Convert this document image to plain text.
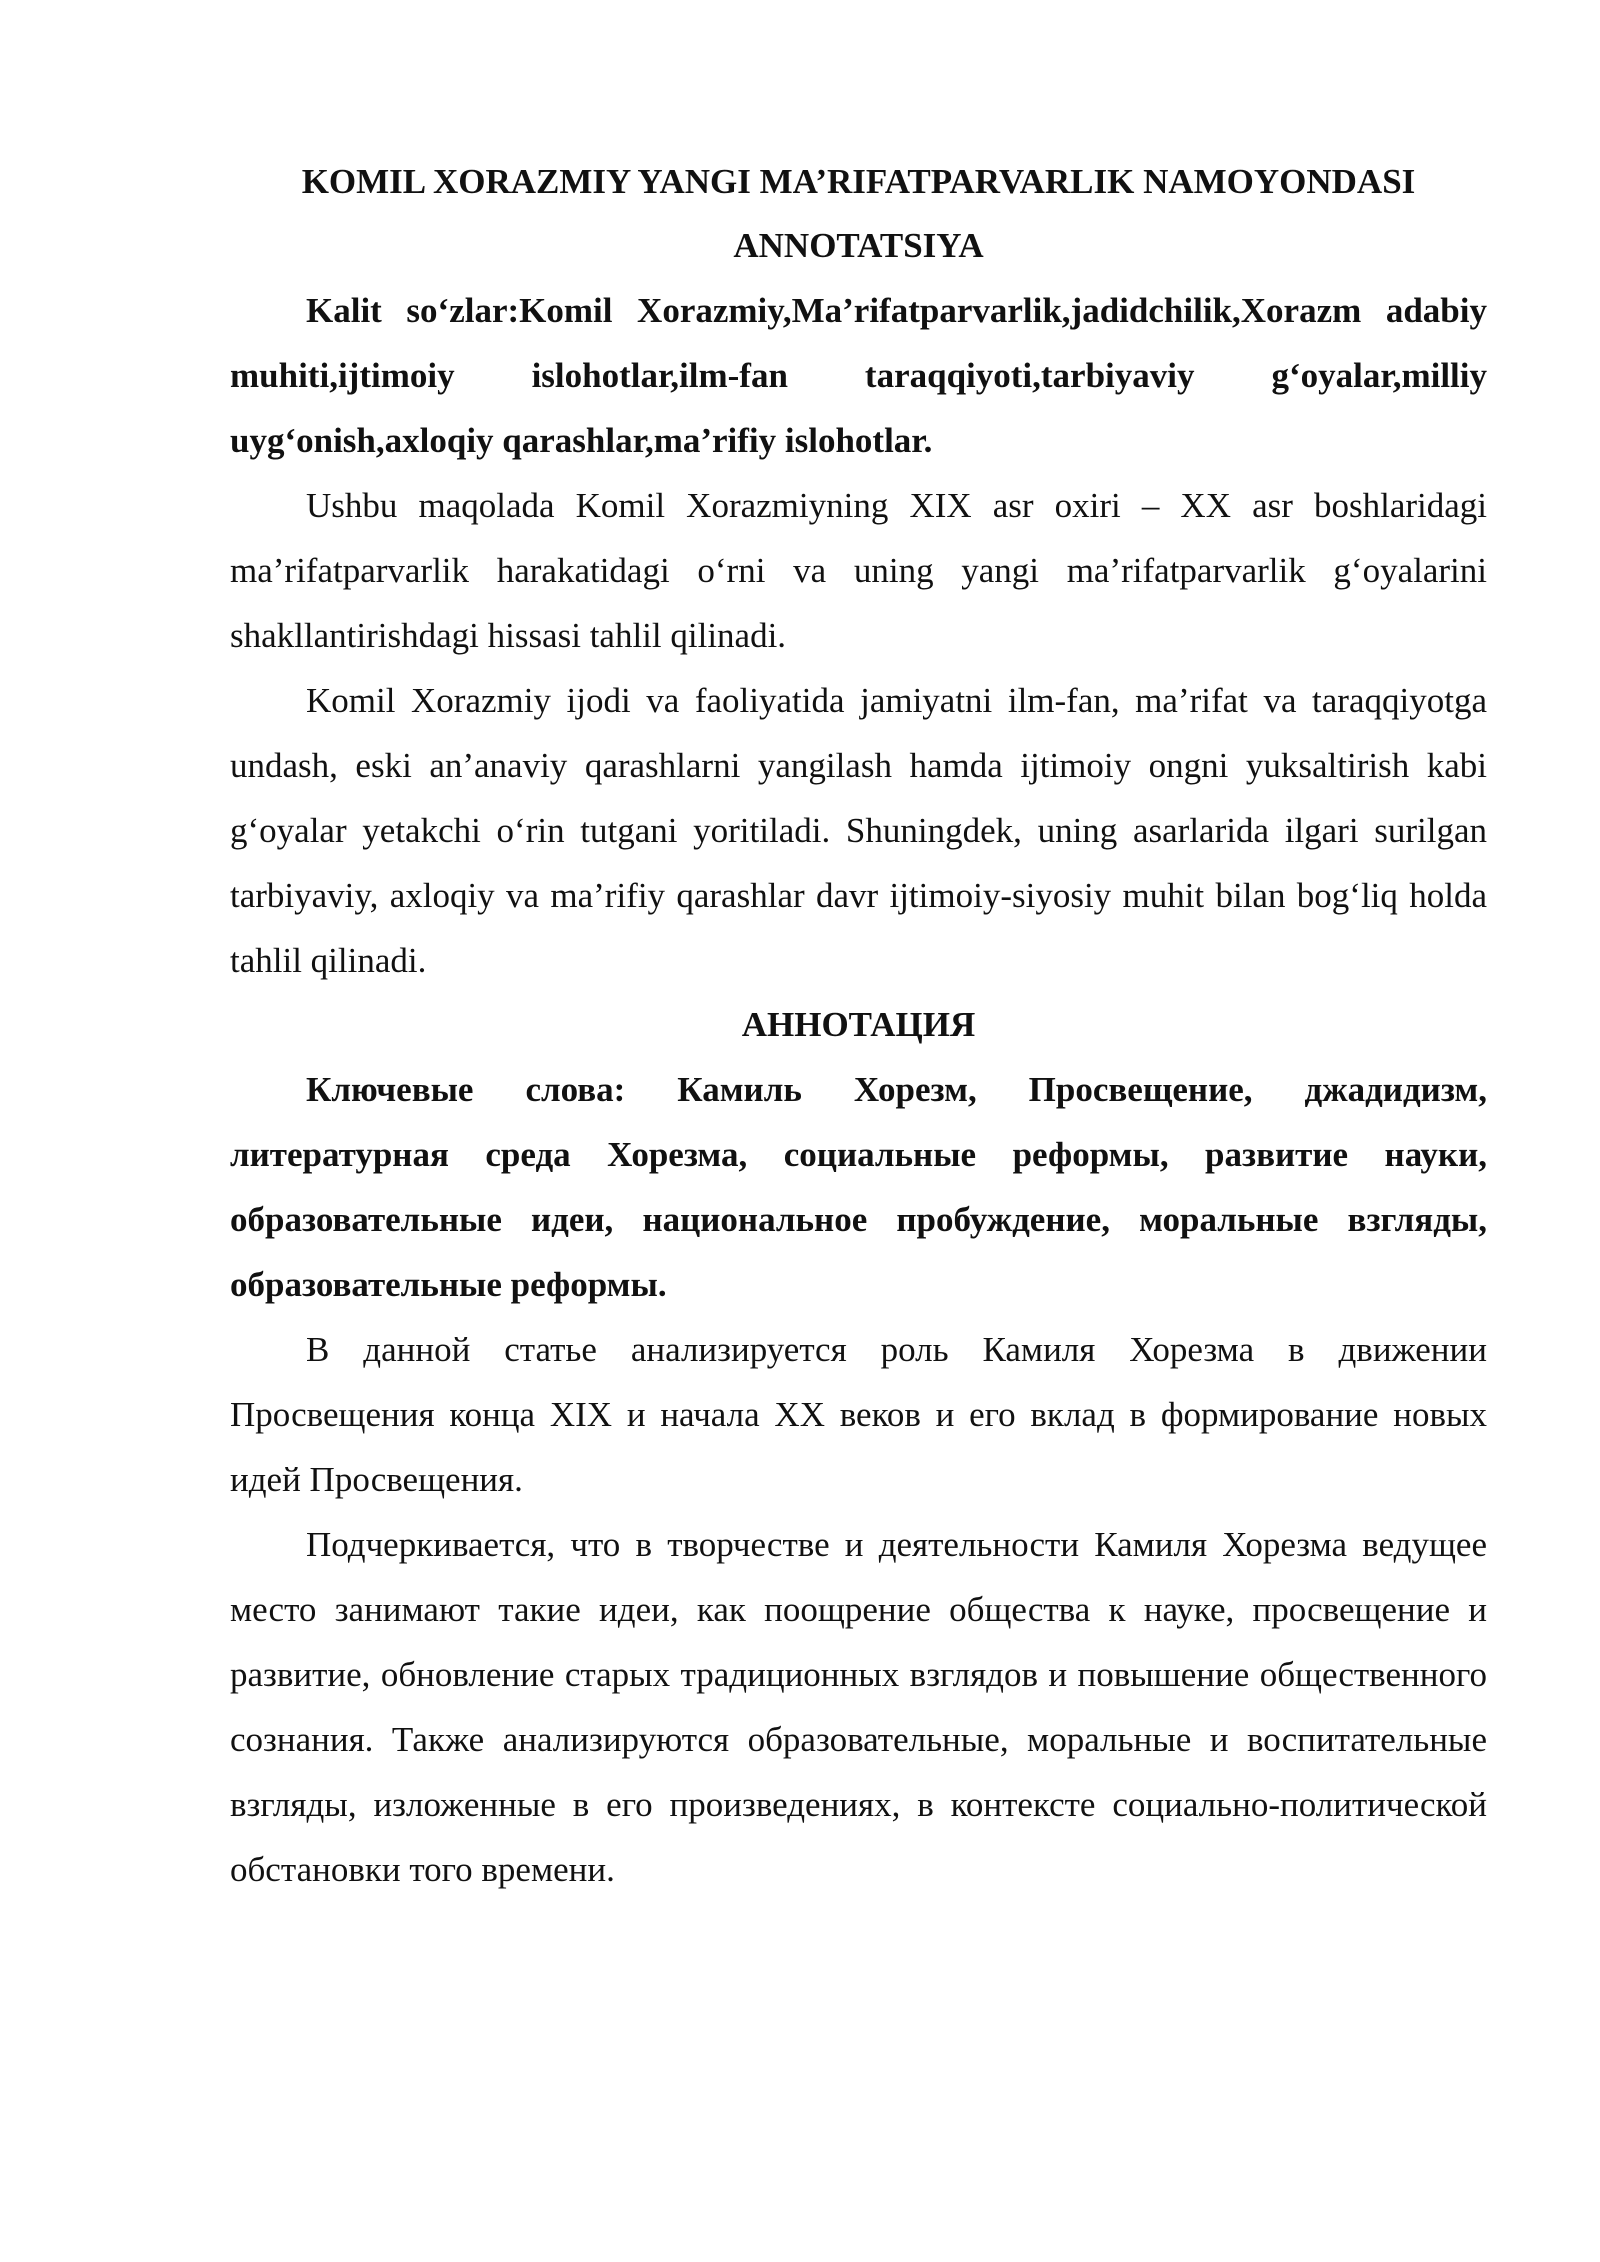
KOMIL XORAZMIY YANGI MA’RIFATPARVARLIK NAMOYONDASI

ANNOTATSIYA

Kalit so‘zlar:Komil Xorazmiy,Ma’rifatparvarlik,jadidchilik,Xorazm adabiy muhiti,ijtimoiy islohotlar,ilm-fan taraqqiyoti,tarbiyaviy g‘oyalar,milliy uyg‘onish,axloqiy qarashlar,ma’rifiy islohotlar.

Ushbu maqolada Komil Xorazmiyning XIX asr oxiri – XX asr boshlaridagi ma’rifatparvarlik harakatidagi o‘rni va uning yangi ma’rifatparvarlik g‘oyalarini shakllantirishdagi hissasi tahlil qilinadi.

Komil Xorazmiy ijodi va faoliyatida jamiyatni ilm-fan, ma’rifat va taraqqiyotga undash, eski an’anaviy qarashlarni yangilash hamda ijtimoiy ongni yuksaltirish kabi g‘oyalar yetakchi o‘rin tutgani yoritiladi. Shuningdek, uning asarlarida ilgari surilgan tarbiyaviy, axloqiy va ma’rifiy qarashlar davr ijtimoiy-siyosiy muhit bilan bog‘liq holda tahlil qilinadi.

АННОТАЦИЯ

Ключевые слова: Камиль Хорезм, Просвещение, джадидизм, литературная среда Хорезма, социальные реформы, развитие науки, образовательные идеи, национальное пробуждение, моральные взгляды, образовательные реформы.

В данной статье анализируется роль Камиля Хорезма в движении Просвещения конца XIX и начала XX веков и его вклад в формирование новых идей Просвещения.

Подчеркивается, что в творчестве и деятельности Камиля Хорезма ведущее место занимают такие идеи, как поощрение общества к науке, просвещение и развитие, обновление старых традиционных взглядов и повышение общественного сознания. Также анализируются образовательные, моральные и воспитательные взгляды, изложенные в его произведениях, в контексте социально-политической обстановки того времени.
